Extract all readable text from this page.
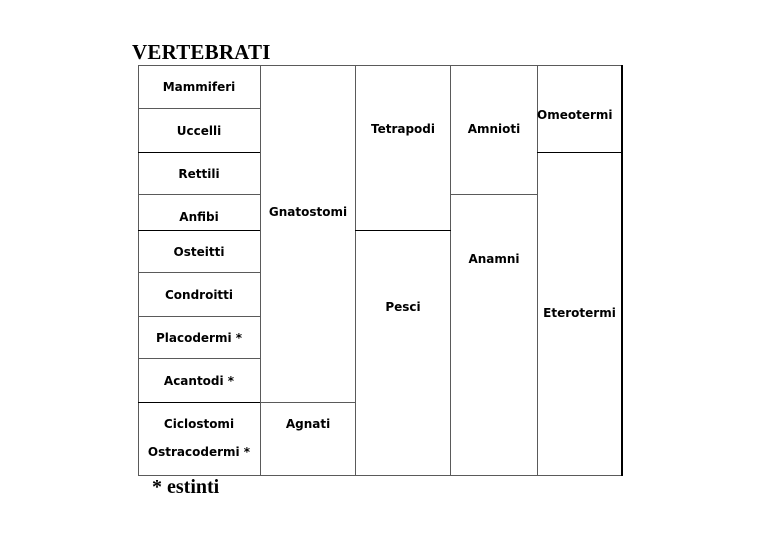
VERTEBRATI
Mammiferi
Uccelli
Rettili
Anfibi
Osteitti
Condroitti
Placodermi *
Acantodi *
Ciclostomi
Ostracodermi *
Gnatostomi
Agnati
Tetrapodi
Pesci
Amnioti
Anamni
Omeotermi
Eterotermi
* estinti
